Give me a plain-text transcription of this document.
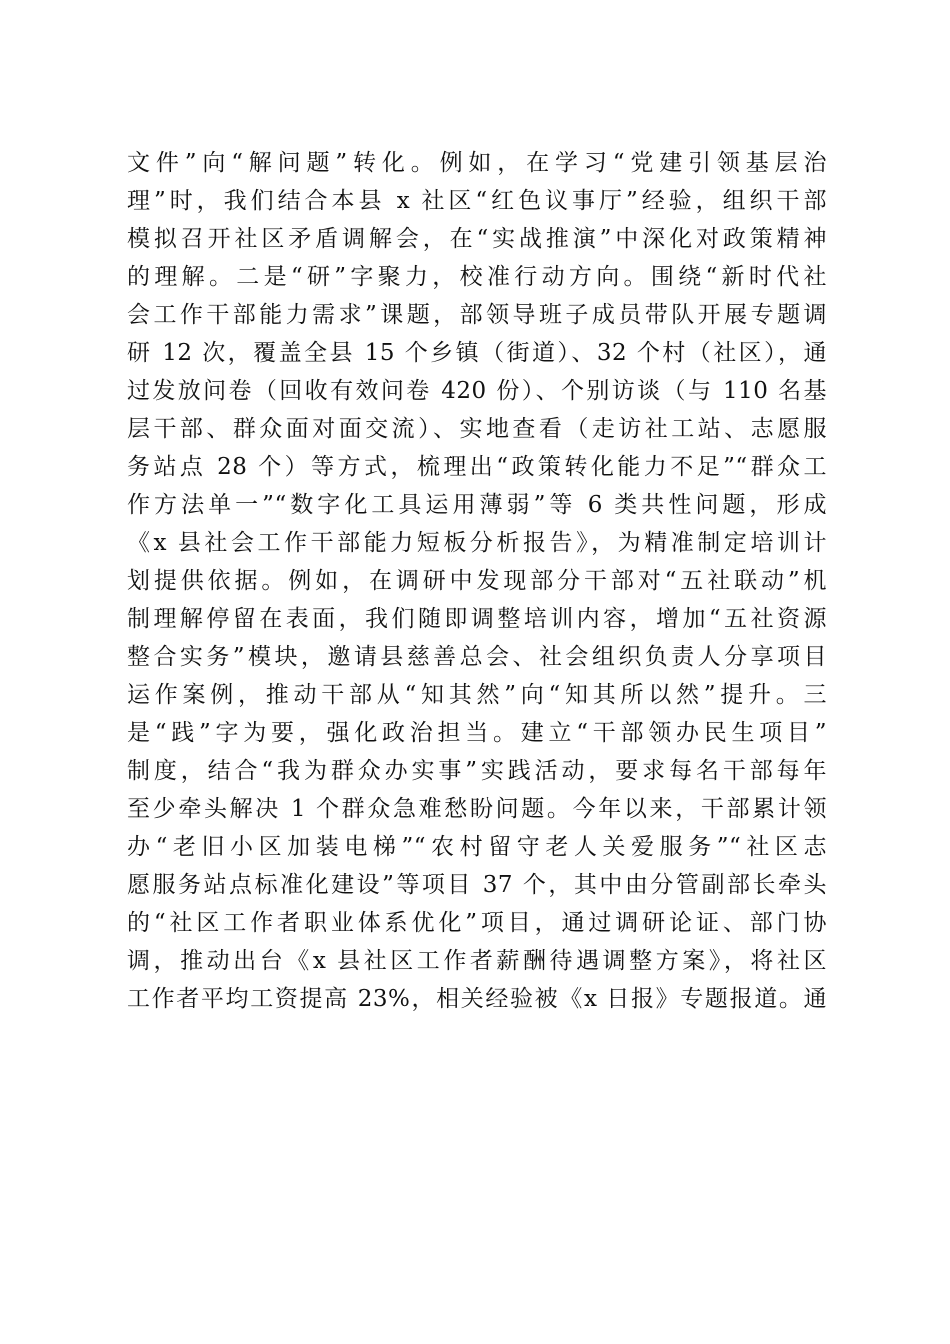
文件”向“解问题”转化。例如，在学习“党建引领基层治
理”时，我们结合本县 x 社区“红色议事厅”经验，组织干部
模拟召开社区矛盾调解会，在“实战推演”中深化对政策精神
的理解。二是“研”字聚力，校准行动方向。围绕“新时代社
会工作干部能力需求”课题，部领导班子成员带队开展专题调
研 12 次，覆盖全县 15 个乡镇（街道）、32 个村（社区），通
过发放问卷（回收有效问卷 420 份）、个别访谈（与 110 名基
层干部、群众面对面交流）、实地查看（走访社工站、志愿服
务站点 28 个）等方式，梳理出“政策转化能力不足”“群众工
作方法单一”“数字化工具运用薄弱”等 6 类共性问题，形成
《x 县社会工作干部能力短板分析报告》，为精准制定培训计
划提供依据。例如，在调研中发现部分干部对“五社联动”机
制理解停留在表面，我们随即调整培训内容，增加“五社资源
整合实务”模块，邀请县慈善总会、社会组织负责人分享项目
运作案例，推动干部从“知其然”向“知其所以然”提升。三
是“践”字为要，强化政治担当。建立“干部领办民生项目”
制度，结合“我为群众办实事”实践活动，要求每名干部每年
至少牵头解决 1 个群众急难愁盼问题。今年以来，干部累计领
办“老旧小区加装电梯”“农村留守老人关爱服务”“社区志
愿服务站点标准化建设”等项目 37 个，其中由分管副部长牵头
的“社区工作者职业体系优化”项目，通过调研论证、部门协
调，推动出台《x 县社区工作者薪酬待遇调整方案》，将社区
工作者平均工资提高 23%，相关经验被《x 日报》专题报道。通
